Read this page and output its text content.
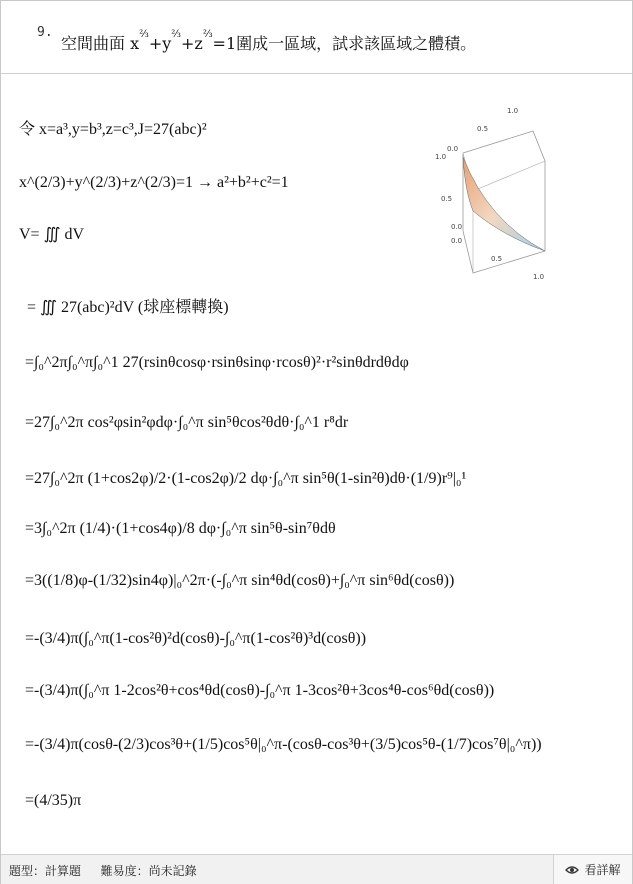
9.
空間曲面 $x^{\frac{2}{3}}+y^{\frac{2}{3}}+z^{\frac{2}{3}}=1$圍成一區域，試求該區域之體積。
令 x=a³,y=b³,z=c³,J=27(abc)²
x^(2/3)+y^(2/3)+z^(2/3)=1 → a²+b²+c²=1
V= ∭ dV
= ∭ 27(abc)²dV (球座標轉換)
=∫₀^2π∫₀^π∫₀^1 27(rsinθcosφ·rsinθsinφ·rcosθ)²·r²sinθdrdθdφ
=27∫₀^2π cos²φsin²φdφ·∫₀^π sin⁵θcos²θdθ·∫₀^1 r⁸dr
=27∫₀^2π (1+cos2φ)/2·(1-cos2φ)/2 dφ·∫₀^π sin⁵θ(1-sin²θ)dθ·(1/9)r⁹|₀¹
=3∫₀^2π (1/4)·(1+cos4φ)/8 dφ·∫₀^π sin⁵θ-sin⁷θdθ
=3((1/8)φ-(1/32)sin4φ)|₀^2π·(-∫₀^π sin⁴θd(cosθ)+∫₀^π sin⁶θd(cosθ))
=-(3/4)π(∫₀^π(1-cos²θ)²d(cosθ)-∫₀^π(1-cos²θ)³d(cosθ))
=-(3/4)π(∫₀^π 1-2cos²θ+cos⁴θd(cosθ)-∫₀^π 1-3cos²θ+3cos⁴θ-cos⁶θd(cosθ))
=-(3/4)π(cosθ-(2/3)cos³θ+(1/5)cos⁵θ|₀^π-(cosθ-cos³θ+(3/5)cos⁵θ-(1/7)cos⁷θ|₀^π))
=(4/35)π
1.0
0.5
0.0
1.0
0.5
0.0
0.0
0.5
1.0
題型：計算題 難易度：尚未記錄	看詳解
